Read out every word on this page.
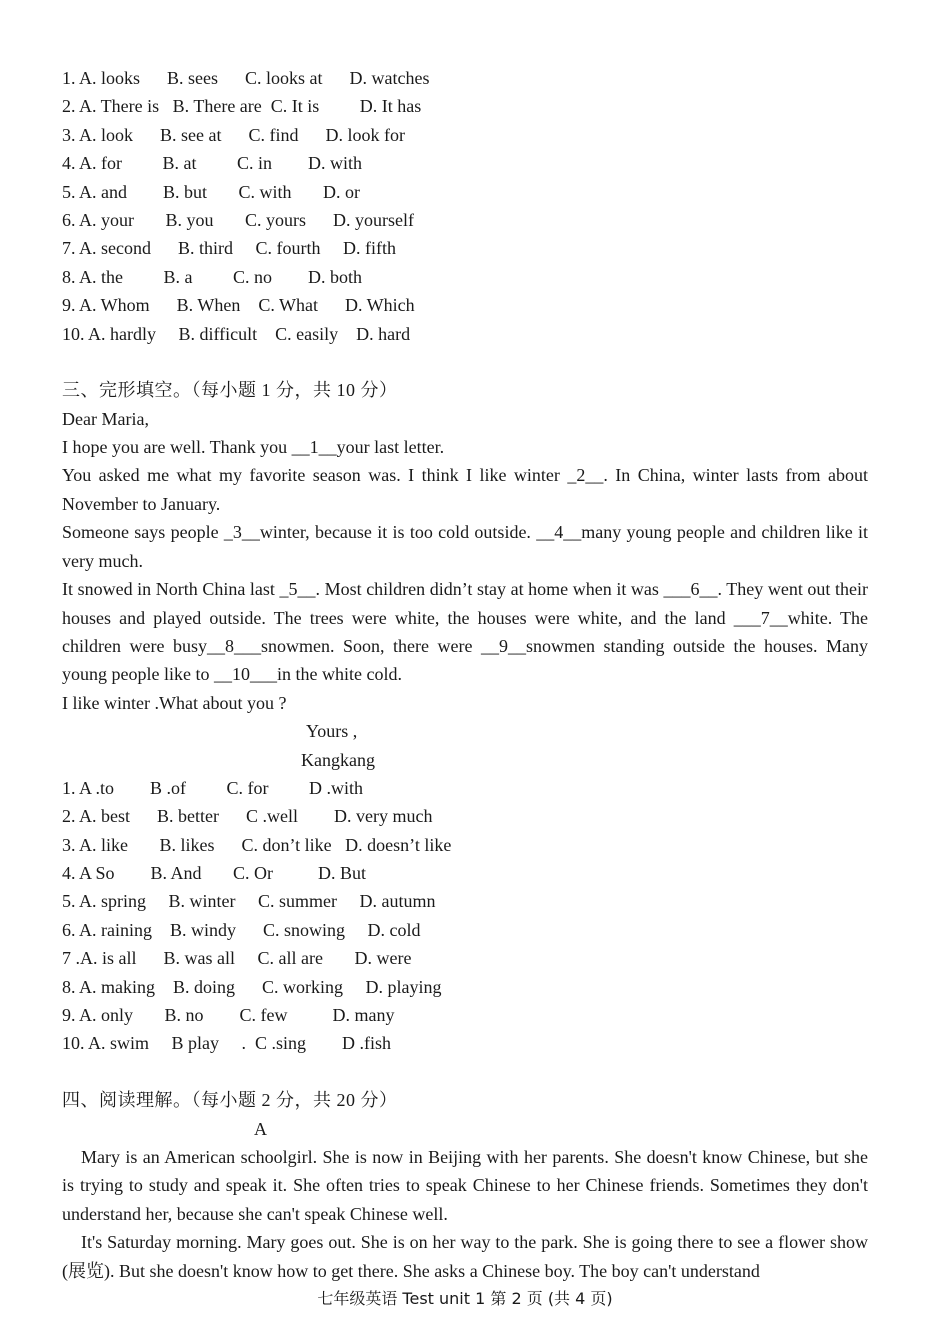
1. A. looks      B. sees      C. looks at      D. watches
2. A. There is   B. There are  C. It is         D. It has
3. A. look      B. see at      C. find      D. look for
4. A. for         B. at         C. in        D. with
5. A. and        B. but       C. with       D. or
6. A. your       B. you       C. yours      D. yourself
7. A. second      B. third     C. fourth     D. fifth
8. A. the         B. a         C. no        D. both
9. A. Whom      B. When    C. What      D. Which
10. A. hardly     B. difficult    C. easily    D. hard
三、完形填空。（每小题 1 分，共 10 分）
Dear Maria,
I hope you are well. Thank you __1__your last letter.
You asked me what my favorite season was. I think I like winter _2__. In China, winter lasts from about November to January.
Someone says people _3__winter, because it is too cold outside. __4__many young people and children like it very much.
It snowed in North China last _5__. Most children didn’t stay at home when it was ___6__. They went out their houses and played outside. The trees were white, the houses were white, and the land ___7__white. The children were busy__8___snowmen. Soon, there were __9__snowmen standing outside the houses. Many young people like to __10___in the white cold.
I like winter .What about you ?
Yours ,
Kangkang
1. A .to        B .of         C. for         D .with
2. A. best      B. better      C .well        D. very much
3. A. like       B. likes      C. don’t like   D. doesn’t like
4. A So        B. And       C. Or          D. But
5. A. spring     B. winter     C. summer     D. autumn
6. A. raining    B. windy      C. snowing     D. cold
7 .A. is all      B. was all     C. all are       D. were
8. A. making    B. doing      C. working     D. playing
9. A. only       B. no        C. few          D. many
10. A. swim     B play     .  C .sing        D .fish
四、阅读理解。（每小题 2 分，共 20 分）
A
Mary is an American schoolgirl. She is now in Beijing with her parents. She doesn't know Chinese, but she is trying to study and speak it. She often tries to speak Chinese to her Chinese friends. Sometimes they don't understand her, because she can't speak Chinese well.
It's Saturday morning. Mary goes out. She is on her way to the park. She is going there to see a flower show (展览). But she doesn't know how to get there. She asks a Chinese boy. The boy can't understand
七年级英语 Test unit 1 第 2 页 (共 4 页)
